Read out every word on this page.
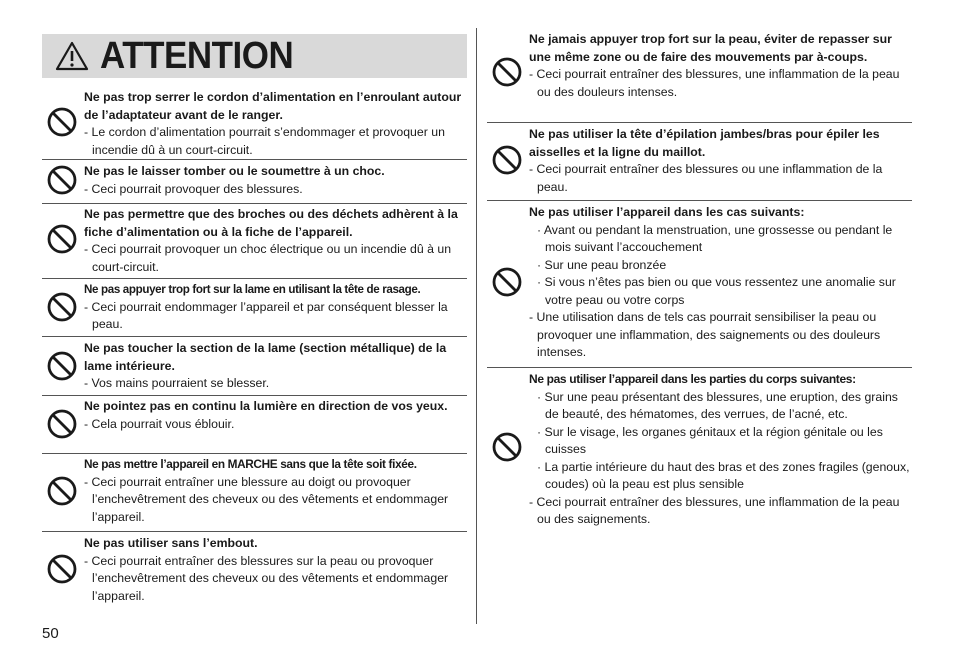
ATTENTION
Ne pas trop serrer le cordon d’alimentation en l’enroulant autour de l’adaptateur avant de le ranger.
- Le cordon d’alimentation pourrait s’endommager et provoquer un incendie dû à un court-circuit.
Ne pas le laisser tomber ou le soumettre à un choc.
- Ceci pourrait provoquer des blessures.
Ne pas permettre que des broches ou des déchets adhèrent à la fiche d’alimentation ou à la fiche de l’appareil.
- Ceci pourrait provoquer un choc électrique ou un incendie dû à un court-circuit.
Ne pas appuyer trop fort sur la lame en utilisant la tête de rasage.
- Ceci pourrait endommager l’appareil et par conséquent blesser la peau.
Ne pas toucher la section de la lame (section métallique) de la lame intérieure.
- Vos mains pourraient se blesser.
Ne pointez pas en continu la lumière en direction de vos yeux.
- Cela pourrait vous éblouir.
Ne pas mettre l’appareil en MARCHE sans que la tête soit fixée.
- Ceci pourrait entraîner une blessure au doigt ou provoquer l’enchevêtrement des cheveux ou des vêtements et endommager l’appareil.
Ne pas utiliser sans l’embout.
- Ceci pourrait entraîner des blessures sur la peau ou provoquer l’enchevêtrement des cheveux ou des vêtements et endommager l’appareil.
Ne jamais appuyer trop fort sur la peau, éviter de repasser sur une même zone ou de faire des mouvements par à-coups.
- Ceci pourrait entraîner des blessures, une inflammation de la peau ou des douleurs intenses.
Ne pas utiliser la tête d’épilation jambes/bras pour épiler les aisselles et la ligne du maillot.
- Ceci pourrait entraîner des blessures ou une inflammation de la peau.
Ne pas utiliser l’appareil dans les cas suivants:
· Avant ou pendant la menstruation, une grossesse ou pendant le mois suivant l’accouchement
· Sur une peau bronzée
· Si vous n’êtes pas bien ou que vous ressentez une anomalie sur votre peau ou votre corps
- Une utilisation dans de tels cas pourrait sensibiliser la peau ou provoquer une inflammation, des saignements ou des douleurs intenses.
Ne pas utiliser l’appareil dans les parties du corps suivantes:
· Sur une peau présentant des blessures, une eruption, des grains de beauté, des hématomes, des verrues, de l’acné, etc.
· Sur le visage, les organes génitaux et la région génitale ou les cuisses
· La partie intérieure du haut des bras et des zones fragiles (genoux, coudes) où la peau est plus sensible
- Ceci pourrait entraîner des blessures, une inflammation de la peau ou des saignements.
50
